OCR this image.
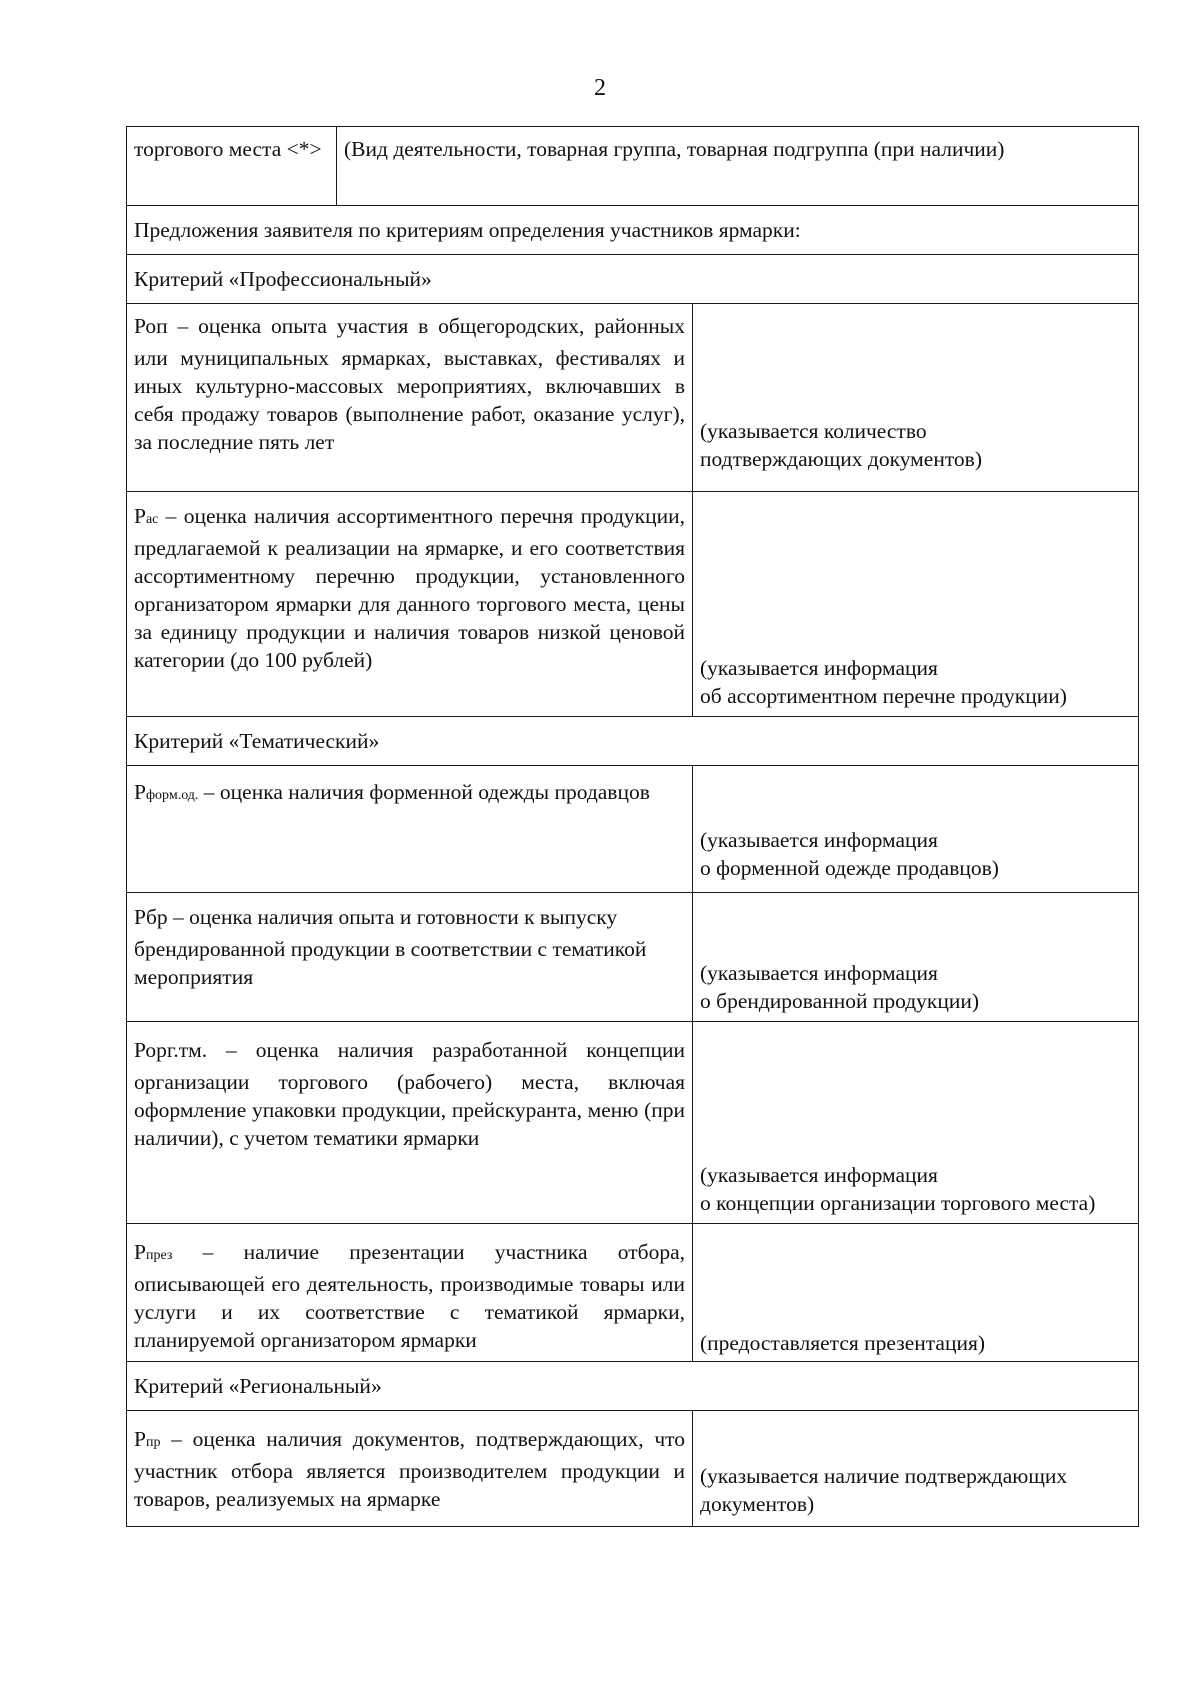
2
торгового места <*> (Вид деятельности, товарная группа, товарная подгруппа (при наличии)	

Предложения заявителя по критериям определения участников ярмарки:	
Критерий «Профессиональный»	
Роп – оценка опыта участия в общегородских, районных или муниципальных ярмарках, выставках, фестивалях и иных культурно-массовых мероприятиях, включавших в себя продажу товаров (выполнение работ, оказание услуг), за последние пять лет	(указывается количество
подтверждающих документов)

Рас – оценка наличия ассортиментного перечня продукции, предлагаемой к реализации на ярмарке, и его соответствия ассортиментному перечню продукции, установленного организатором ярмарки для данного торгового места, цены за единицу продукции и наличия товаров низкой ценовой категории (до 100 рублей)	(указывается информация
об ассортиментном перечне продукции)

Критерий «Тематический»	
Рформ.од. – оценка наличия форменной одежды продавцов	(указывается информация
о форменной одежде продавцов)

Рбр – оценка наличия опыта и готовности к выпуску брендированной продукции в соответствии с тематикой мероприятия	(указывается информация
о брендированной продукции)

Рорг.тм. – оценка наличия разработанной концепции организации торгового (рабочего) места, включая оформление упаковки продукции, прейскуранта, меню (при наличии), с учетом тематики ярмарки	(указывается информация
о концепции организации торгового места)

Рпрез – наличие презентации участника отбора, описывающей его деятельность, производимые товары или услуги и их соответствие с тематикой ярмарки, планируемой организатором ярмарки	(предоставляется презентация)

Критерий «Региональный»	
Рпр – оценка наличия документов, подтверждающих, что участник отбора является производителем продукции и товаров, реализуемых на ярмарке	(указывается наличие подтверждающих документов)
